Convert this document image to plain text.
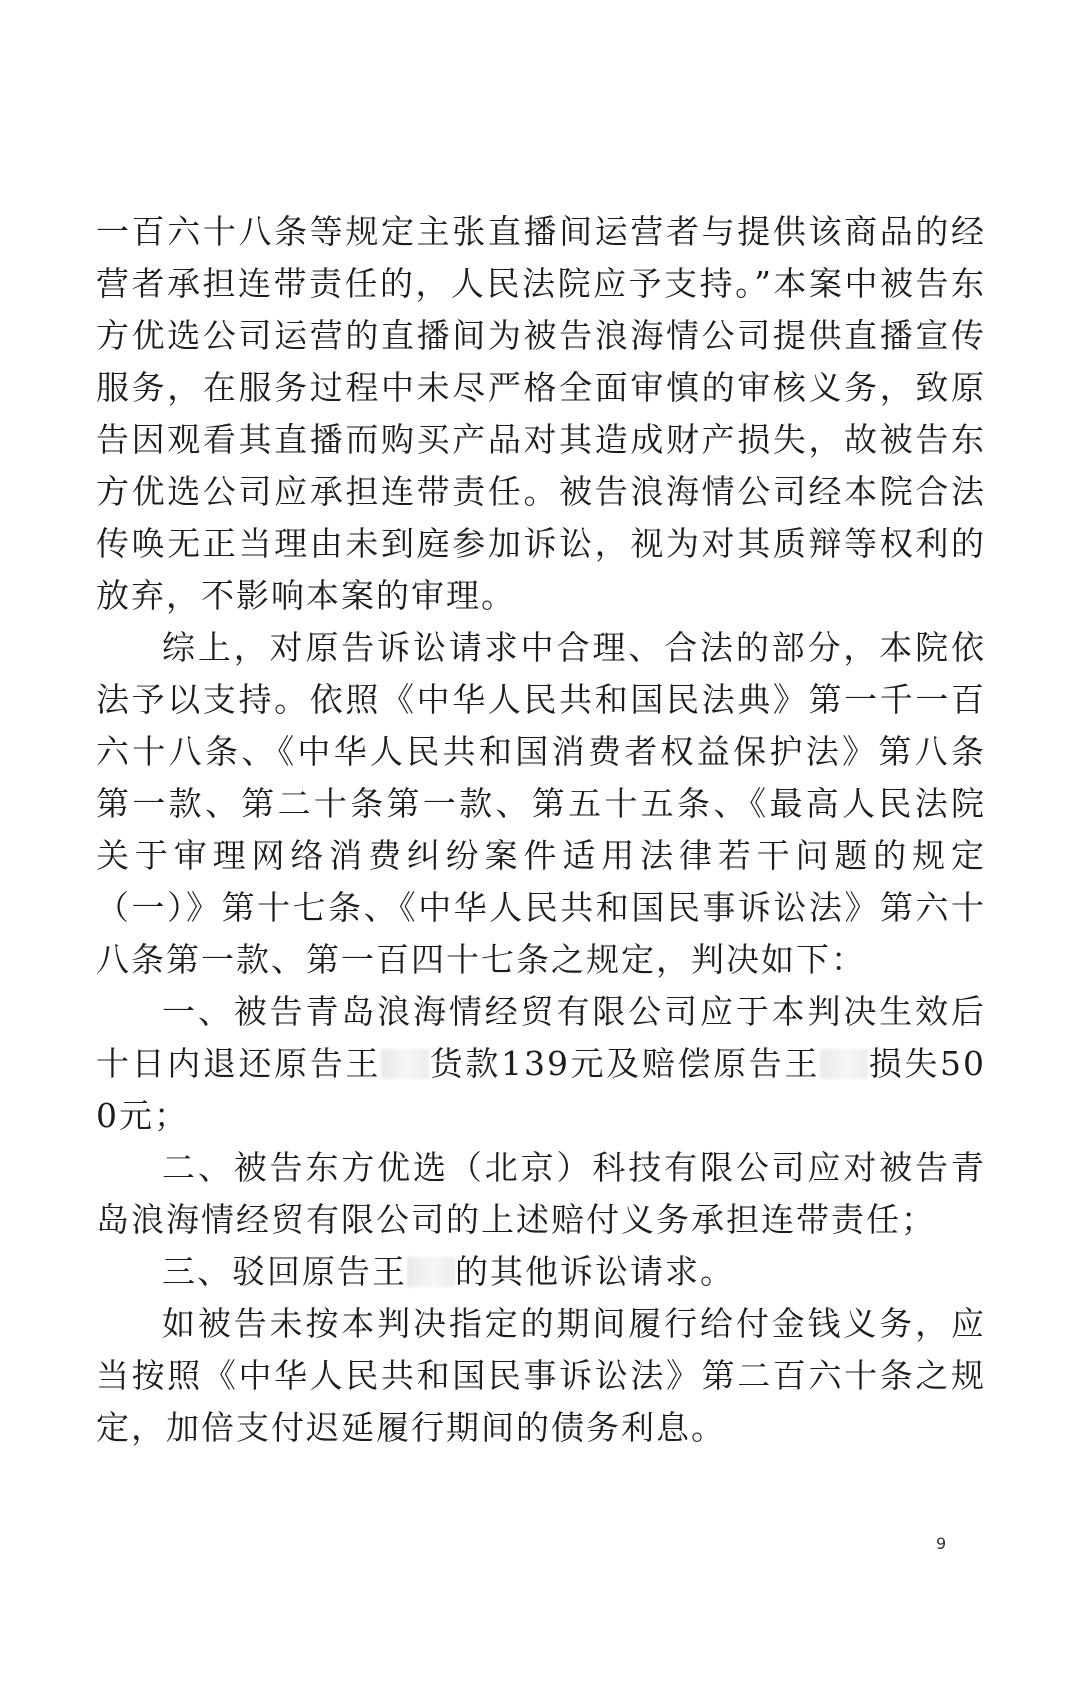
一百六十八条等规定主张直播间运营者与提供该商品的经营者承担连带责任的，人民法院应予支持。”本案中被告东方优选公司运营的直播间为被告浪海情公司提供直播宣传服务，在服务过程中未尽严格全面审慎的审核义务，致原告因观看其直播而购买产品对其造成财产损失，故被告东方优选公司应承担连带责任。被告浪海情公司经本院合法传唤无正当理由未到庭参加诉讼，视为对其质辩等权利的放弃，不影响本案的审理。

综上，对原告诉讼请求中合理、合法的部分，本院依法予以支持。依照《中华人民共和国民法典》第一千一百六十八条、《中华人民共和国消费者权益保护法》第八条第一款、第二十条第一款、第五十五条、《最高人民法院关于审理网络消费纠纷案件适用法律若干问题的规定（一）》第十七条、《中华人民共和国民事诉讼法》第六十八条第一款、第一百四十七条之规定，判决如下：

一、被告青岛浪海情经贸有限公司应于本判决生效后十日内退还原告王 货款139元及赔偿原告王 损失500元；

二、被告东方优选（北京）科技有限公司应对被告青岛浪海情经贸有限公司的上述赔付义务承担连带责任；

三、驳回原告王 的其他诉讼请求。

如被告未按本判决指定的期间履行给付金钱义务，应当按照《中华人民共和国民事诉讼法》第二百六十条之规定，加倍支付迟延履行期间的债务利息。

9
